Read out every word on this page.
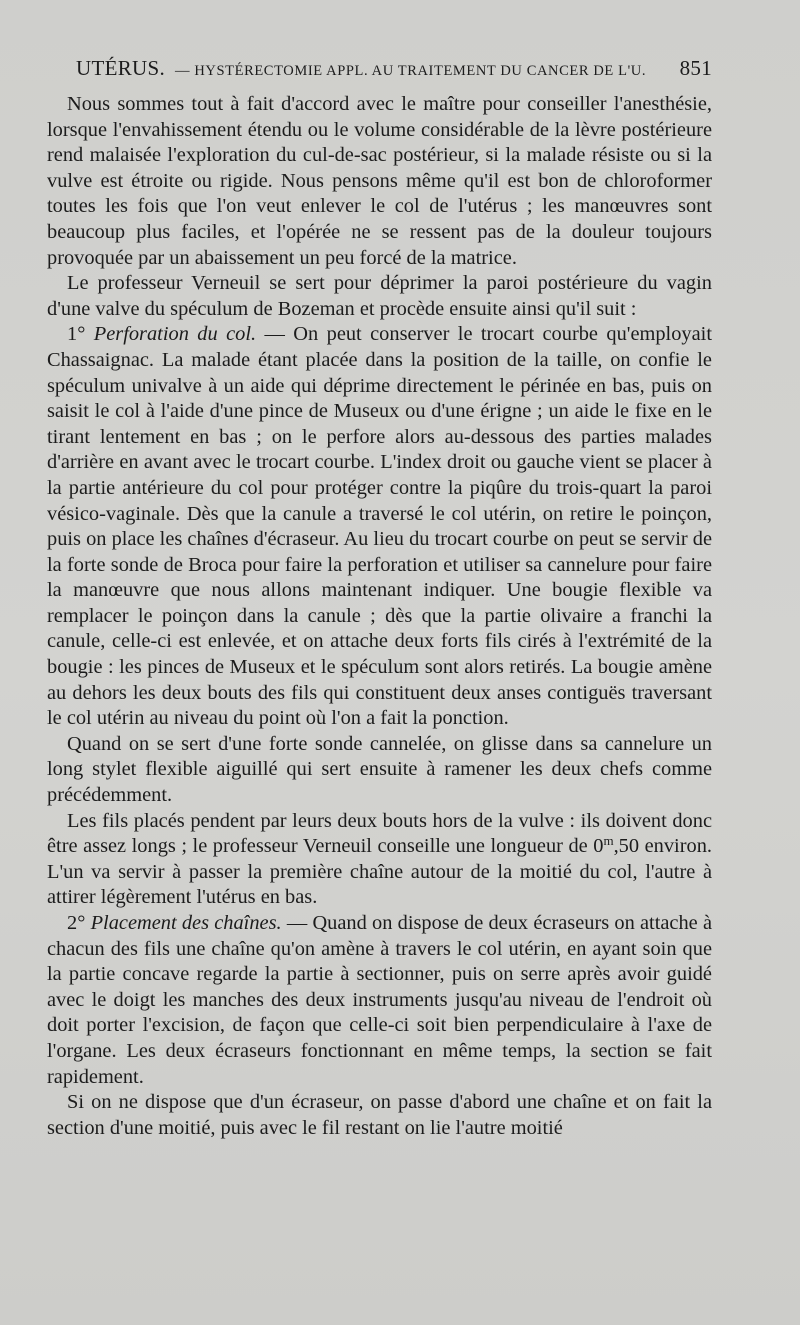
UTÉRUS. — HYSTÉRECTOMIE APPL. AU TRAITEMENT DU CANCER DE L'U. 851

Nous sommes tout à fait d'accord avec le maître pour conseiller l'anesthésie, lorsque l'envahissement étendu ou le volume considérable de la lèvre postérieure rend malaisée l'exploration du cul-de-sac postérieur, si la malade résiste ou si la vulve est étroite ou rigide. Nous pensons même qu'il est bon de chloroformer toutes les fois que l'on veut enlever le col de l'utérus ; les manœuvres sont beaucoup plus faciles, et l'opérée ne se ressent pas de la douleur toujours provoquée par un abaissement un peu forcé de la matrice.

Le professeur Verneuil se sert pour déprimer la paroi postérieure du vagin d'une valve du spéculum de Bozeman et procède ensuite ainsi qu'il suit :

1° Perforation du col. — On peut conserver le trocart courbe qu'employait Chassaignac. La malade étant placée dans la position de la taille, on confie le spéculum univalve à un aide qui déprime directement le périnée en bas, puis on saisit le col à l'aide d'une pince de Museux ou d'une érigne ; un aide le fixe en le tirant lentement en bas ; on le perfore alors au-dessous des parties malades d'arrière en avant avec le trocart courbe. L'index droit ou gauche vient se placer à la partie antérieure du col pour protéger contre la piqûre du trois-quart la paroi vésico-vaginale. Dès que la canule a traversé le col utérin, on retire le poinçon, puis on place les chaînes d'écraseur. Au lieu du trocart courbe on peut se servir de la forte sonde de Broca pour faire la perforation et utiliser sa cannelure pour faire la manœuvre que nous allons maintenant indiquer. Une bougie flexible va remplacer le poinçon dans la canule ; dès que la partie olivaire a franchi la canule, celle-ci est enlevée, et on attache deux forts fils cirés à l'extrémité de la bougie : les pinces de Museux et le spéculum sont alors retirés. La bougie amène au dehors les deux bouts des fils qui constituent deux anses contiguës traversant le col utérin au niveau du point où l'on a fait la ponction.

Quand on se sert d'une forte sonde cannelée, on glisse dans sa cannelure un long stylet flexible aiguillé qui sert ensuite à ramener les deux chefs comme précédemment.

Les fils placés pendent par leurs deux bouts hors de la vulve : ils doivent donc être assez longs ; le professeur Verneuil conseille une longueur de 0$^m$,50 environ. L'un va servir à passer la première chaîne autour de la moitié du col, l'autre à attirer légèrement l'utérus en bas.

2° Placement des chaînes. — Quand on dispose de deux écraseurs on attache à chacun des fils une chaîne qu'on amène à travers le col utérin, en ayant soin que la partie concave regarde la partie à sectionner, puis on serre après avoir guidé avec le doigt les manches des deux instruments jusqu'au niveau de l'endroit où doit porter l'excision, de façon que celle-ci soit bien perpendiculaire à l'axe de l'organe. Les deux écraseurs fonctionnant en même temps, la section se fait rapidement.

Si on ne dispose que d'un écraseur, on passe d'abord une chaîne et on fait la section d'une moitié, puis avec le fil restant on lie l'autre moitié
